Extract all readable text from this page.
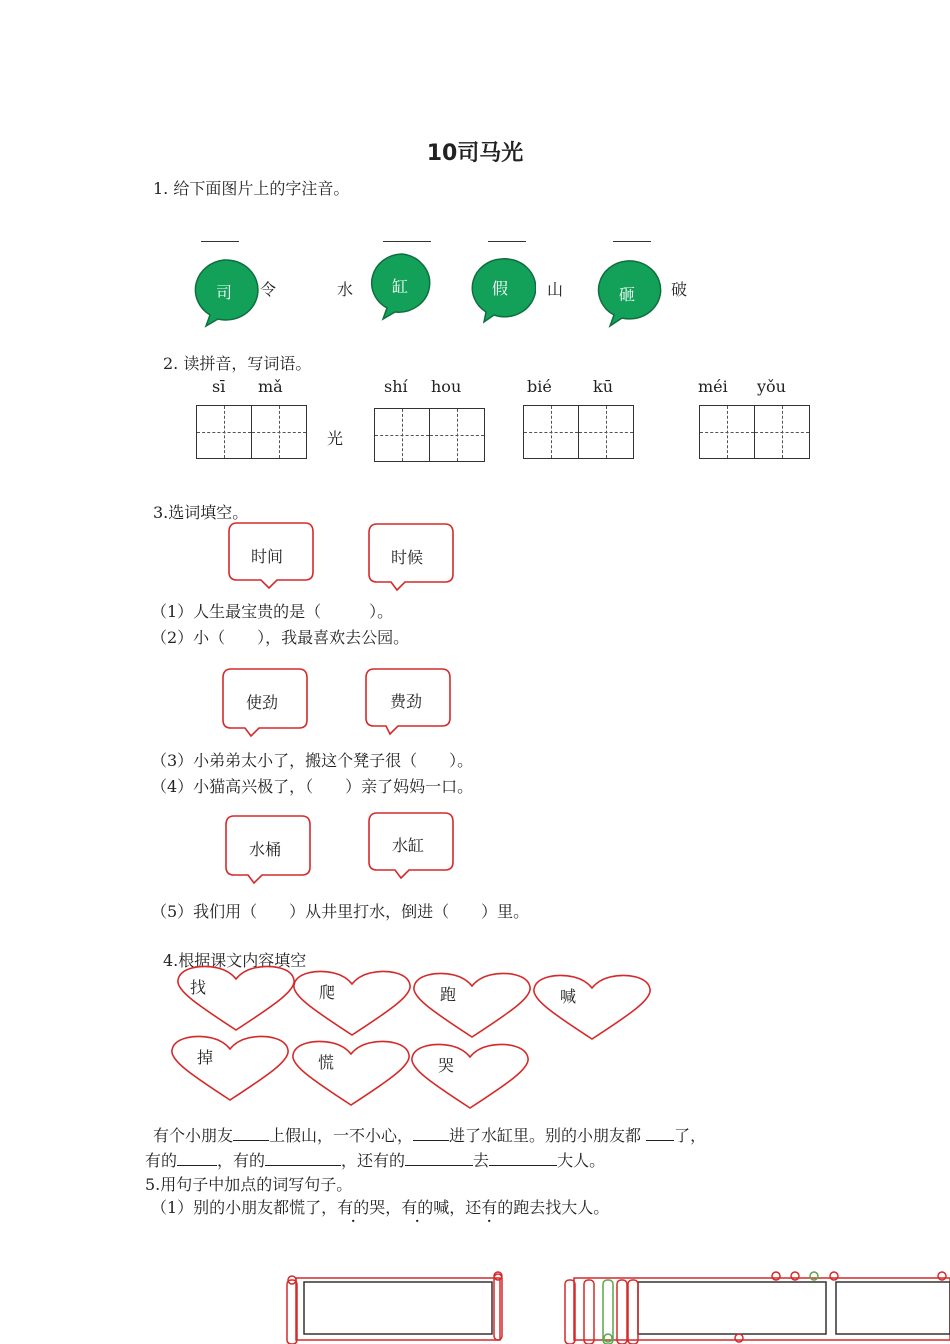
10司马光
1. 给下面图片上的字注音。
司 令	水 缸	假 山	砸 破
2. 读拼音，写词语。
sī mǎ	shí hou	bié	kū	méi yǒu
光
3.选词填空。
时间	时候
（1）人生最宝贵的是（　　　）。
（2）小（　　），我最喜欢去公园。
使劲	费劲
（3）小弟弟太小了，搬这个凳子很（　　）。
（4）小猫高兴极了，（　　）亲了妈妈一口。
水桶	水缸
（5）我们用（　　）从井里打水，倒进（　　）里。
4.根据课文内容填空
找	爬	跑	喊
掉	慌	哭
有个小朋友 上假山，一不小心， 进了水缸里。别的小朋友都 了，
有的	，有的	，还有的	去	大人。
5.用句子中加点的词写句子。
（1）别的小朋友都慌了，有的哭，有的喊，还有的跑去找大人。
